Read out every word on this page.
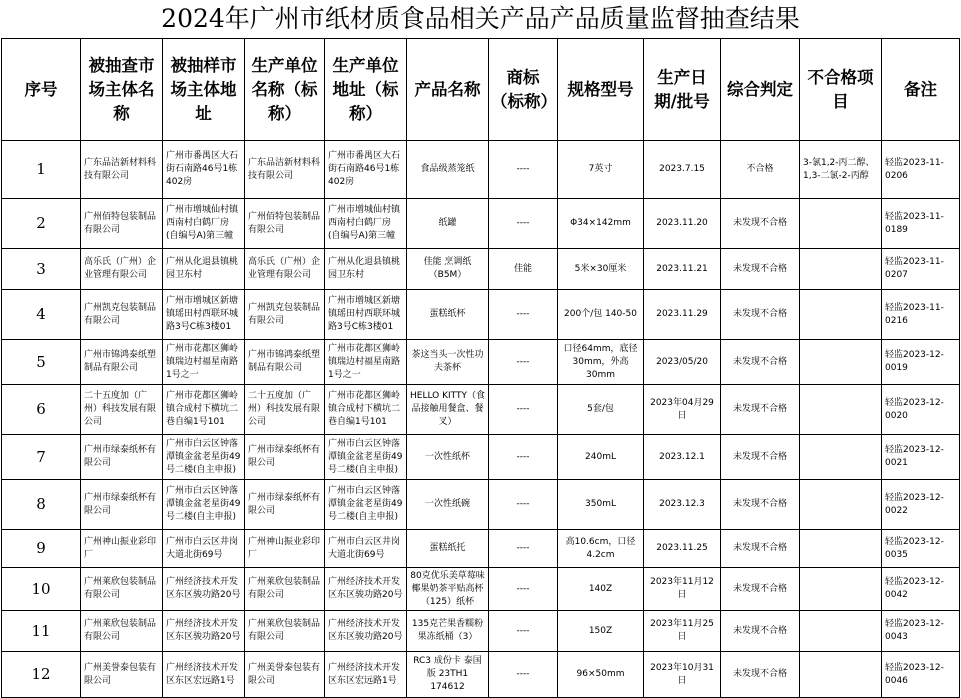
2024年广州市纸材质食品相关产品产品质量监督抽查结果
序号	被抽查市场主体名称	被抽样市场主体地址	生产单位名称（标称）	生产单位地址（标称）	产品名称	商标（标称）	规格型号	生产日期/批号	综合判定	不合格项目	备注

1	广东品洁新材料科技有限公司	广州市番禺区大石街石南路46号1栋402房	广东品洁新材料科技有限公司	广州市番禺区大石街石南路46号1栋402房	食品级蒸笼纸	----	7英寸	2023.7.15	不合格	3-氯1,2-丙二醇、1,3-二氯-2-丙醇	轻监2023-11-0206

2	广州佰特包装制品有限公司	广州市增城仙村镇西南村白鹤厂房(自编号A)第三幢	广州佰特包装制品有限公司	广州市增城仙村镇西南村白鹤厂房(自编号A)第三幢	纸罐	----	Φ34×142mm	2023.11.20	未发现不合格		轻监2023-11-0189

3	高乐氏（广州）企业管理有限公司	广州从化退县镇桃园卫东村	高乐氏（广州）企业管理有限公司	广州从化退县镇桃园卫东村	佳能 烹调纸（B5M）	佳能	5米×30厘米	2023.11.21	未发现不合格		轻监2023-11-0207

4	广州凯克包装制品有限公司	广州市增城区新塘镇瑶田村西联环城路3号C栋3楼01	广州凯克包装制品有限公司	广州市增城区新塘镇瑶田村西联环城路3号C栋3楼01	蛋糕纸杯	----	200个/包 140-50	2023.11.29	未发现不合格		轻监2023-11-0216

5	广州市锦鸿泰纸塑制品有限公司	广州市花都区狮岭镇瑞边村福星南路1号之一	广州市锦鸿泰纸塑制品有限公司	广州市花都区狮岭镇瑞边村福星南路1号之一	茶这当头一次性功夫茶杯	----	口径64mm，底径30mm，外高30mm	2023/05/20	未发现不合格		轻监2023-12-0019

6	二十五度加（广州）科技发展有限公司	广州市花都区狮岭镇合成村下横坑二巷自编1号101	二十五度加（广州）科技发展有限公司	广州市花都区狮岭镇合成村下横坑二巷自编1号101	HELLO KITTY（食品接触用餐盒、餐叉）	----	5套/包	2023年04月29日	未发现不合格		轻监2023-12-0020

7	广州市绿泰纸杯有限公司	广州市白云区钟落潭镇金盆老星街49号二楼(自主申报)	广州市绿泰纸杯有限公司	广州市白云区钟落潭镇金盆老星街49号二楼(自主申报)	一次性纸杯	----	240mL	2023.12.1	未发现不合格		轻监2023-12-0021

8	广州市绿泰纸杯有限公司	广州市白云区钟落潭镇金盆老星街49号二楼(自主申报)	广州市绿泰纸杯有限公司	广州市白云区钟落潭镇金盆老星街49号二楼(自主申报)	一次性纸碗	----	350mL	2023.12.3	未发现不合格		轻监2023-12-0022

9	广州神山振业彩印厂	广州市白云区井岗大道北街69号	广州神山振业彩印厂	广州市白云区井岗大道北街69号	蛋糕纸托	----	高10.6cm，口径4.2cm	2023.11.25	未发现不合格		轻监2023-12-0035

10	广州莱欣包装制品有限公司	广州经济技术开发区东区骏功路20号	广州莱欣包装制品有限公司	广州经济技术开发区东区骏功路20号	80克优乐美草莓味椰果奶茶平贴高杯（125）纸杯	----	140Z	2023年11月12日	未发现不合格		轻监2023-12-0042

11	广州莱欣包装制品有限公司	广州经济技术开发区东区骏功路20号	广州莱欣包装制品有限公司	广州经济技术开发区东区骏功路20号	135克芒果香糯粉果冻纸桶（3）	----	150Z	2023年11月25日	未发现不合格		轻监2023-12-0043

12	广州美誉泰包装有限公司	广州经济技术开发区东区宏远路1号	广州美誉泰包装有限公司	广州经济技术开发区东区宏远路1号	RC3 成份卡 泰国版 23TH1 174612	----	96×50mm	2023年10月31日	未发现不合格		轻监2023-12-0046
